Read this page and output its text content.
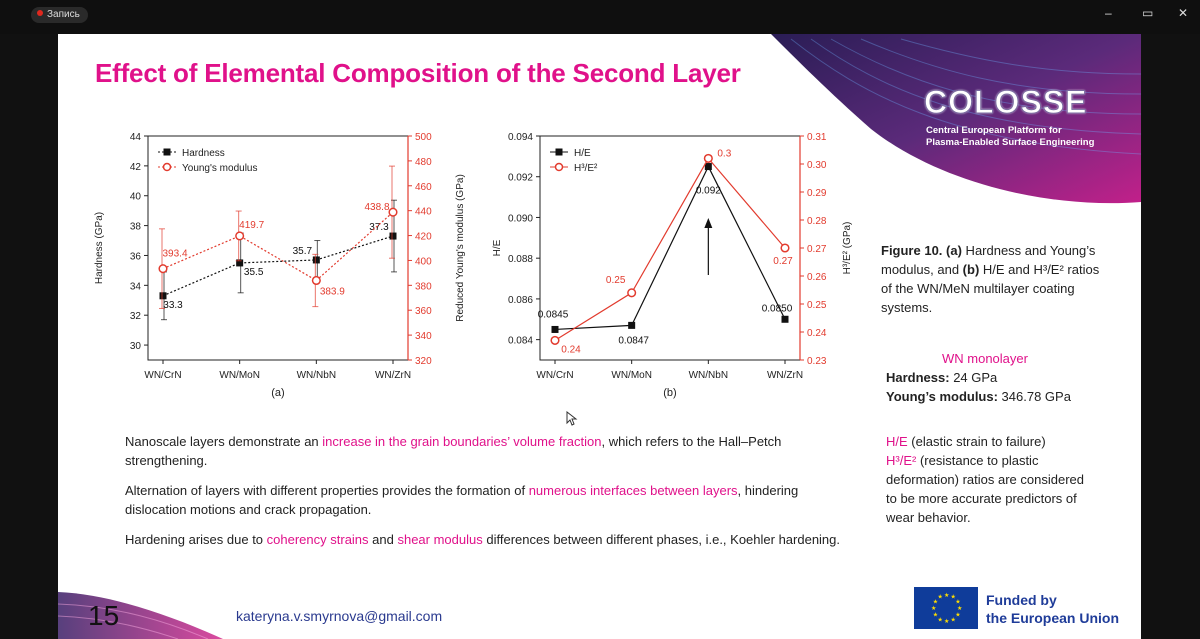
Запись	–	▭ ✕
COLOSSE
Central European Platform for
Plasma-Enabled Surface Engineering
Effect of Elemental Composition of the Second Layer
30
32
34
36
38
40
42
44
320
340
360
380
400
420
440
460
480
500
WN/CrN	WN/MoN	WN/NbN	WN/ZrN
(a)
Hardness (GPa)	Reduced Young's modulus (GPa)
33.3
35.5
35.7
37.3
393.4
419.7
383.9
438.8
Hardness
Young's modulus
0.084
0.086
0.088
0.090
0.092
0.094
0.23
0.24
0.25
0.26
0.27
0.28
0.29
0.30
0.31
WN/CrN	WN/MoN	WN/NbN	WN/ZrN
(b)
H/E	H³/E² (GPa)
0.0845
0.0847
0.092
0.0850
0.24
0.25
0.3
0.27
H/E
H³/E²
Figure 10. (a) Hardness and Young’s modulus, and (b) H/E and H³/E² ratios of the WN/MeN multilayer coating systems.
WN monolayer
Hardness: 24 GPa
Young’s modulus: 346.78 GPa
H/E (elastic strain to failure)
H³/E² (resistance to plastic deformation) ratios are considered to be more accurate predictors of wear behavior.

Nanoscale layers demonstrate an increase in the grain boundaries’ volume fraction, which refers to the Hall–Petch strengthening.

Alternation of layers with different properties provides the formation of numerous interfaces between layers, hindering dislocation motions and crack propagation.

Hardening arises due to coherency strains and shear modulus differences between different phases, i.e., Koehler hardening.

15	kateryna.v.smyrnova@gmail.com	★
★
★
★
★
★
★
★
★ ★ ★
★ Funded by
the European Union
